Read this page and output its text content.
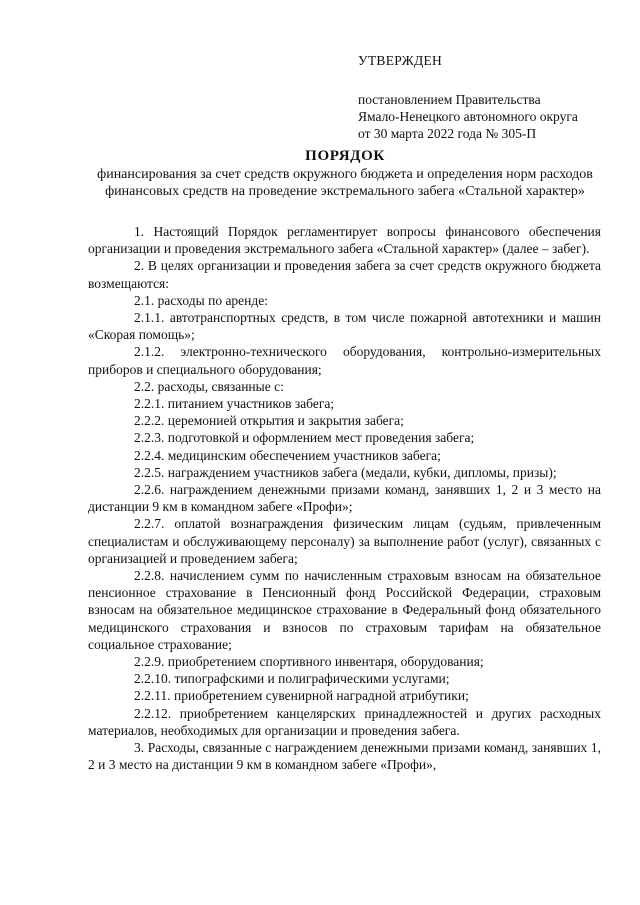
УТВЕРЖДЕН
постановлением Правительства
Ямало-Ненецкого автономного округа
от 30 марта 2022 года № 305-П
ПОРЯДОК
финансирования за счет средств окружного бюджета и определения норм расходов финансовых средств на проведение экстремального забега «Стальной характер»

1. Настоящий Порядок регламентирует вопросы финансового обеспечения организации и проведения экстремального забега «Стальной характер» (далее – забег).

2. В целях организации и проведения забега за счет средств окружного бюджета возмещаются:

2.1. расходы по аренде:

2.1.1. автотранспортных средств, в том числе пожарной автотехники и машин «Скорая помощь»;

2.1.2. электронно-технического оборудования, контрольно-измерительных приборов и специального оборудования;

2.2. расходы, связанные с:

2.2.1. питанием участников забега;

2.2.2. церемонией открытия и закрытия забега;

2.2.3. подготовкой и оформлением мест проведения забега;

2.2.4. медицинским обеспечением участников забега;

2.2.5. награждением участников забега (медали, кубки, дипломы, призы);

2.2.6. награждением денежными призами команд, занявших 1, 2 и 3 место на дистанции 9 км в командном забеге «Профи»;

2.2.7. оплатой вознаграждения физическим лицам (судьям, привлеченным специалистам и обслуживающему персоналу) за выполнение работ (услуг), связанных с организацией и проведением забега;

2.2.8. начислением сумм по начисленным страховым взносам на обязательное пенсионное страхование в Пенсионный фонд Российской Федерации, страховым взносам на обязательное медицинское страхование в Федеральный фонд обязательного медицинского страхования и взносов по страховым тарифам на обязательное социальное страхование;

2.2.9. приобретением спортивного инвентаря, оборудования;

2.2.10. типографскими и полиграфическими услугами;

2.2.11. приобретением сувенирной наградной атрибутики;

2.2.12. приобретением канцелярских принадлежностей и других расходных материалов, необходимых для организации и проведения забега.

3. Расходы, связанные с награждением денежными призами команд, занявших 1, 2 и 3 место на дистанции 9 км в командном забеге «Профи»,
